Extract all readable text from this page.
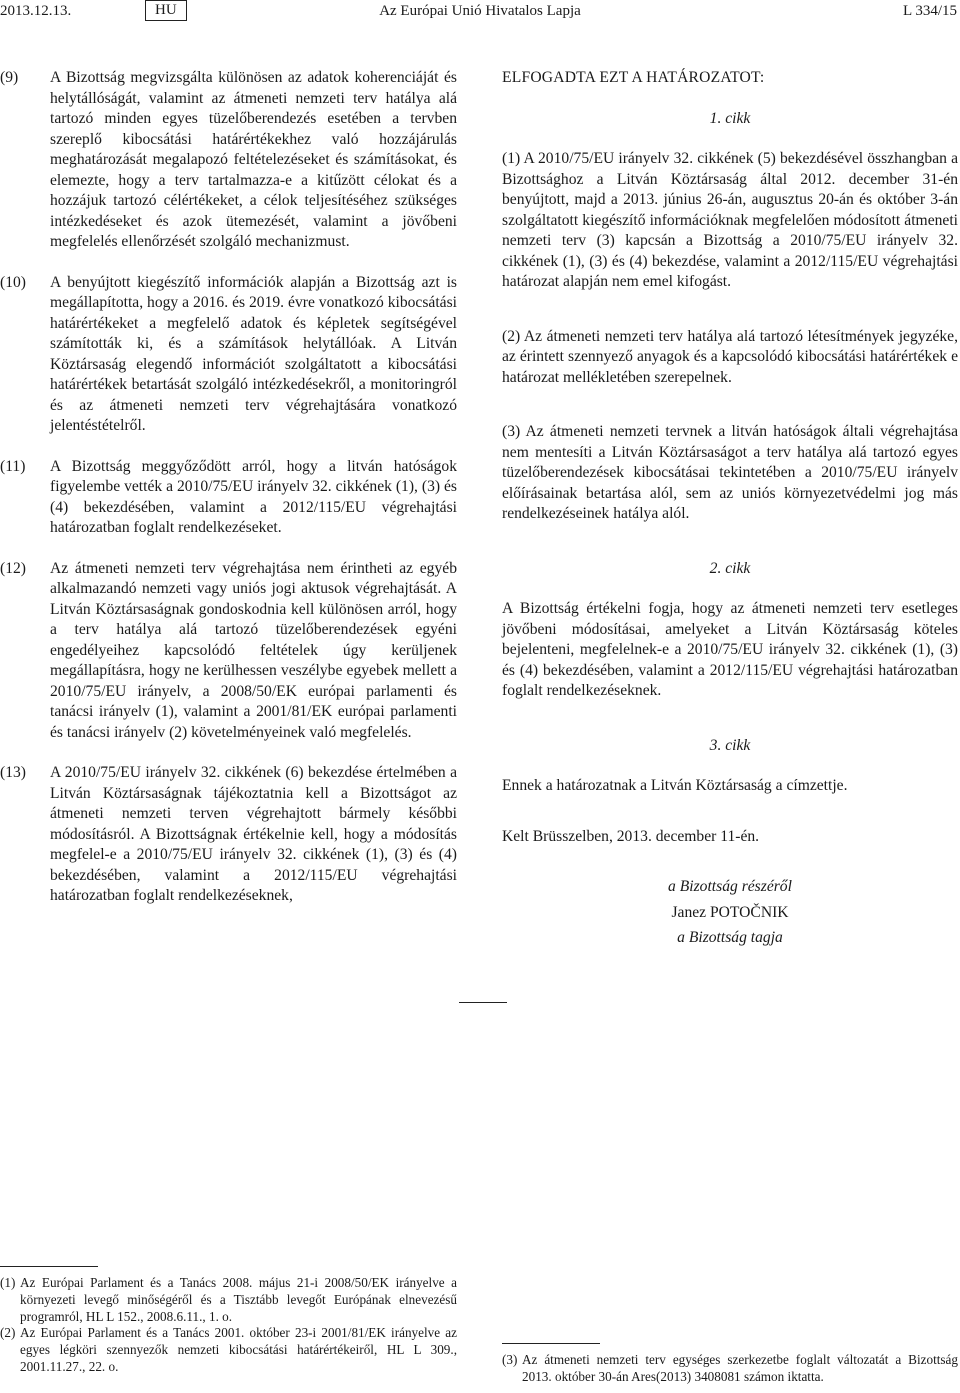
2013.12.13.	HU	Az Európai Unió Hivatalos Lapja	L 334/15
(9)	A Bizottság megvizsgálta különösen az adatok koherenciáját és helytállóságát, valamint az átmeneti nemzeti terv hatálya alá tartozó minden egyes tüzelőberendezés esetében a tervben szereplő kibocsátási határértékekhez való hozzájárulás meghatározását megalapozó feltételezéseket és számításokat, és elemezte, hogy a terv tartalmazza-e a kitűzött célokat és a hozzájuk tartozó célértékeket, a célok teljesítéséhez szükséges intézkedéseket és azok ütemezését, valamint a jövőbeni megfelelés ellenőrzését szolgáló mechanizmust.
(10)	A benyújtott kiegészítő információk alapján a Bizottság azt is megállapította, hogy a 2016. és 2019. évre vonatkozó kibocsátási határértékeket a megfelelő adatok és képletek segítségével számították ki, és a számítások helytállóak. A Litván Köztársaság elegendő információt szolgáltatott a kibocsátási határértékek betartását szolgáló intézkedésekről, a monitoringról és az átmeneti nemzeti terv végrehajtására vonatkozó jelentéstételről.
(11)	A Bizottság meggyőződött arról, hogy a litván hatóságok figyelembe vették a 2010/75/EU irányelv 32. cikkének (1), (3) és (4) bekezdésében, valamint a 2012/115/EU végrehajtási határozatban foglalt rendelkezéseket.
(12)	Az átmeneti nemzeti terv végrehajtása nem érintheti az egyéb alkalmazandó nemzeti vagy uniós jogi aktusok végrehajtását. A Litván Köztársaságnak gondoskodnia kell különösen arról, hogy a terv hatálya alá tartozó tüzelőberendezések egyéni engedélyeihez kapcsolódó feltételek úgy kerüljenek megállapításra, hogy ne kerülhessen veszélybe egyebek mellett a 2010/75/EU irányelv, a 2008/50/EK európai parlamenti és tanácsi irányelv (1), valamint a 2001/81/EK európai parlamenti és tanácsi irányelv (2) követelményeinek való megfelelés.
(13)	A 2010/75/EU irányelv 32. cikkének (6) bekezdése értelmében a Litván Köztársaságnak tájékoztatnia kell a Bizottságot az átmeneti nemzeti terven végrehajtott bármely későbbi módosításról. A Bizottságnak értékelnie kell, hogy a módosítás megfelel-e a 2010/75/EU irányelv 32. cikkének (1), (3) és (4) bekezdésében, valamint a 2012/115/EU végrehajtási határozatban foglalt rendelkezéseknek,
ELFOGADTA EZT A HATÁROZATOT:
1. cikk
(1) A 2010/75/EU irányelv 32. cikkének (5) bekezdésével összhangban a Bizottsághoz a Litván Köztársaság által 2012. december 31-én benyújtott, majd a 2013. június 26-án, augusztus 20-án és október 3-án szolgáltatott kiegészítő információknak megfelelően módosított átmeneti nemzeti terv (3) kapcsán a Bizottság a 2010/75/EU irányelv 32. cikkének (1), (3) és (4) bekezdése, valamint a 2012/115/EU végrehajtási határozat alapján nem emel kifogást.
(2) Az átmeneti nemzeti terv hatálya alá tartozó létesítmények jegyzéke, az érintett szennyező anyagok és a kapcsolódó kibocsátási határértékek e határozat mellékletében szerepelnek.
(3) Az átmeneti nemzeti tervnek a litván hatóságok általi végrehajtása nem mentesíti a Litván Köztársaságot a terv hatálya alá tartozó egyes tüzelőberendezések kibocsátásai tekintetében a 2010/75/EU irányelv előírásainak betartása alól, sem az uniós környezetvédelmi jog más rendelkezéseinek hatálya alól.
2. cikk
A Bizottság értékelni fogja, hogy az átmeneti nemzeti terv esetleges jövőbeni módosításai, amelyeket a Litván Köztársaság köteles bejelenteni, megfelelnek-e a 2010/75/EU irányelv 32. cikkének (1), (3) és (4) bekezdésében, valamint a 2012/115/EU végrehajtási határozatban foglalt rendelkezéseknek.
3. cikk
Ennek a határozatnak a Litván Köztársaság a címzettje.
Kelt Brüsszelben, 2013. december 11-én.
a Bizottság részéről
Janez POTOČNIK
a Bizottság tagja
(1) Az Európai Parlament és a Tanács 2008. május 21-i 2008/50/EK irányelve a környezeti levegő minőségéről és a Tisztább levegőt Európának elnevezésű programról, HL L 152., 2008.6.11., 1. o.
(2) Az Európai Parlament és a Tanács 2001. október 23-i 2001/81/EK irányelve az egyes légköri szennyezők nemzeti kibocsátási határértékeiről, HL L 309., 2001.11.27., 22. o.	(3) Az átmeneti nemzeti terv egységes szerkezetbe foglalt változatát a Bizottság 2013. október 30-án Ares(2013) 3408081 számon iktatta.
